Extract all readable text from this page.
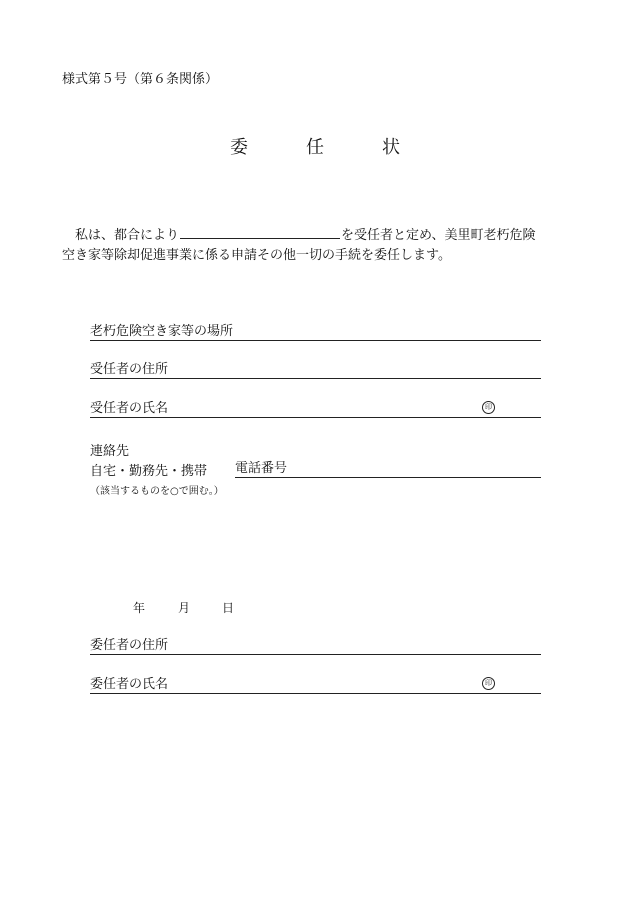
様式第５号（第６条関係）
委　任　状
私は、都合により	を受任者と定め、美里町老朽危険
空き家等除却促進事業に係る申請その他一切の手続を委任します。
老朽危険空き家等の場所
受任者の住所
受任者の氏名	印
連絡先
自宅・勤務先・携帯 電話番号
（該当するものを○で囲む。）
年	月	日
委任者の住所
委任者の氏名	印
